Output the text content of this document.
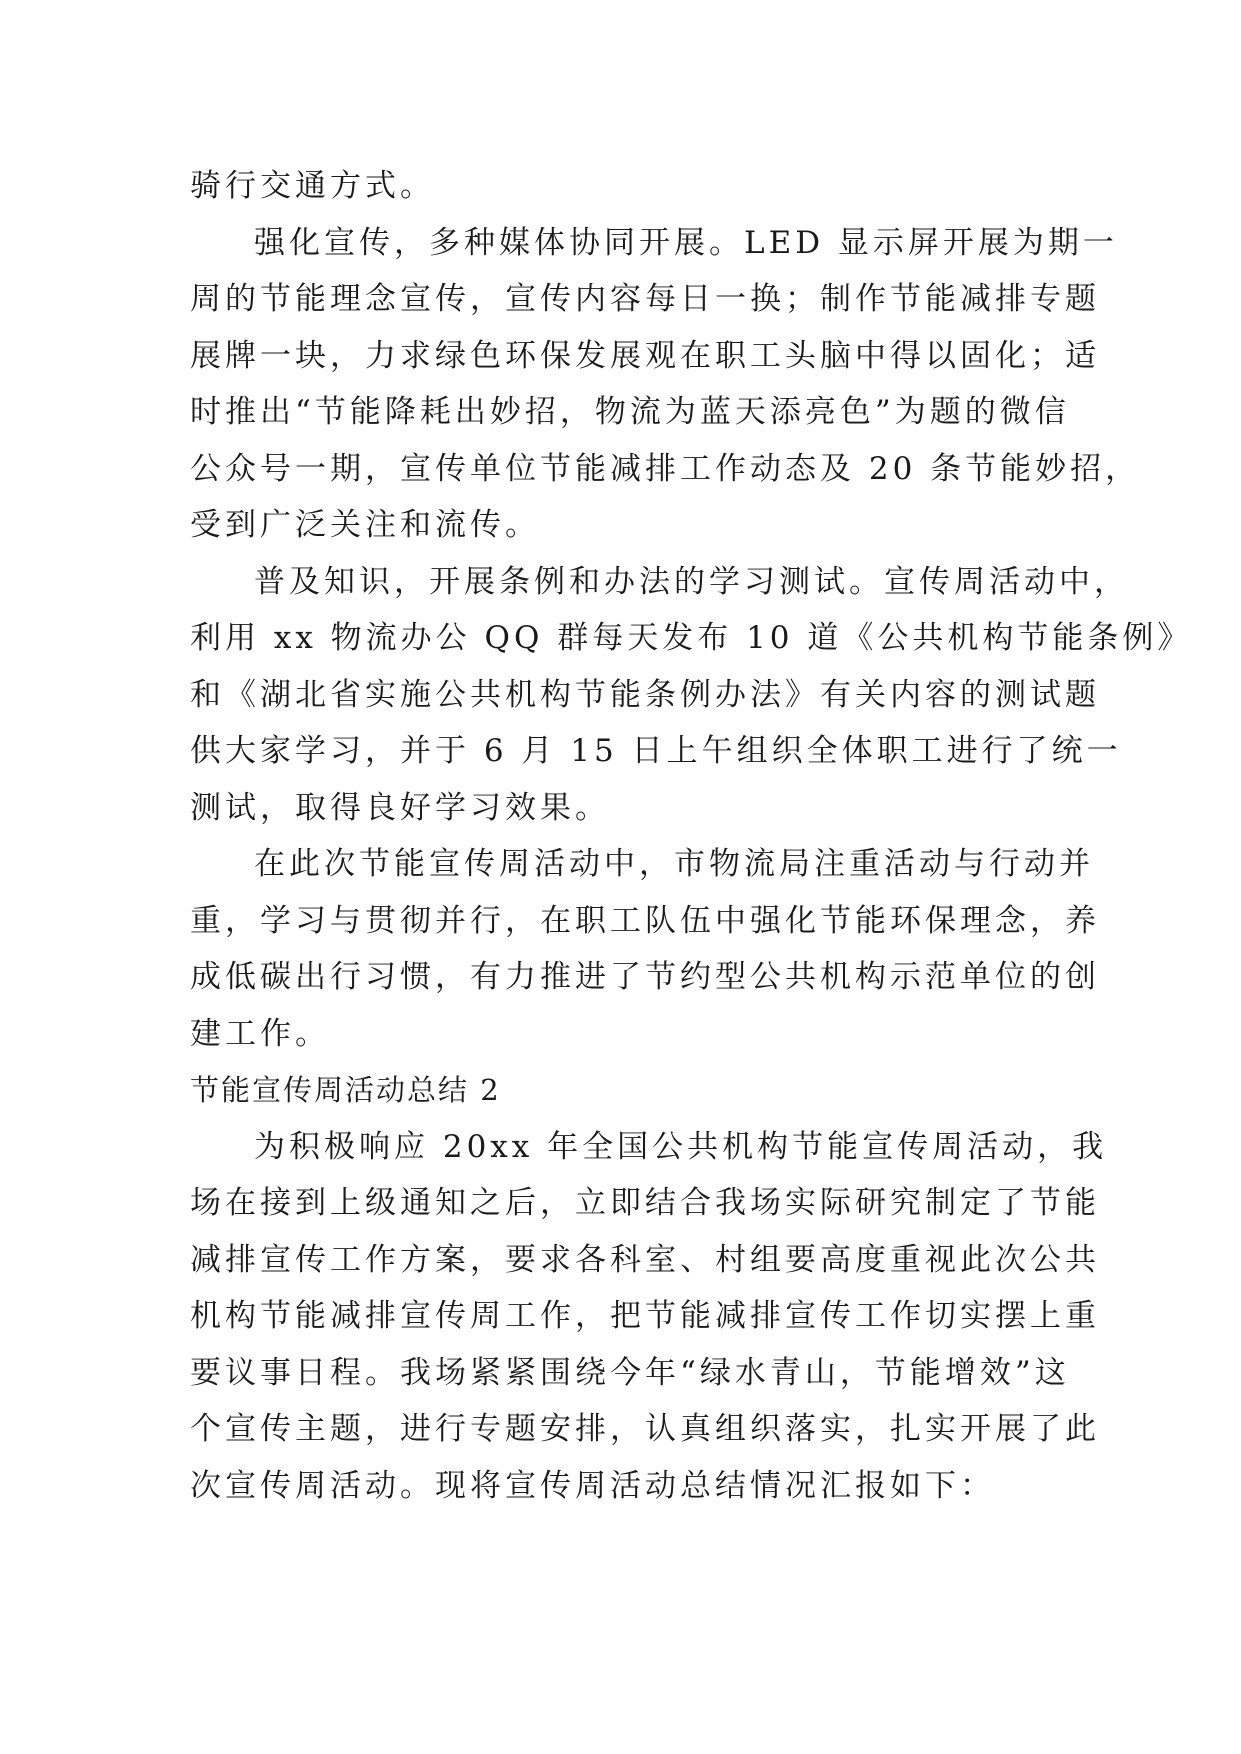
骑行交通方式。
强化宣传，多种媒体协同开展。LED 显示屏开展为期一
周的节能理念宣传，宣传内容每日一换；制作节能减排专题
展牌一块，力求绿色环保发展观在职工头脑中得以固化；适
时推出“节能降耗出妙招，物流为蓝天添亮色”为题的微信
公众号一期，宣传单位节能减排工作动态及 20 条节能妙招，
受到广泛关注和流传。
普及知识，开展条例和办法的学习测试。宣传周活动中，
利用 xx 物流办公 QQ 群每天发布 10 道《公共机构节能条例》
和《湖北省实施公共机构节能条例办法》有关内容的测试题
供大家学习，并于 6 月 15 日上午组织全体职工进行了统一
测试，取得良好学习效果。
在此次节能宣传周活动中，市物流局注重活动与行动并
重，学习与贯彻并行，在职工队伍中强化节能环保理念，养
成低碳出行习惯，有力推进了节约型公共机构示范单位的创
建工作。
节能宣传周活动总结 2
为积极响应 20xx 年全国公共机构节能宣传周活动，我
场在接到上级通知之后，立即结合我场实际研究制定了节能
减排宣传工作方案，要求各科室、村组要高度重视此次公共
机构节能减排宣传周工作，把节能减排宣传工作切实摆上重
要议事日程。我场紧紧围绕今年“绿水青山，节能增效”这
个宣传主题，进行专题安排，认真组织落实，扎实开展了此
次宣传周活动。现将宣传周活动总结情况汇报如下：
